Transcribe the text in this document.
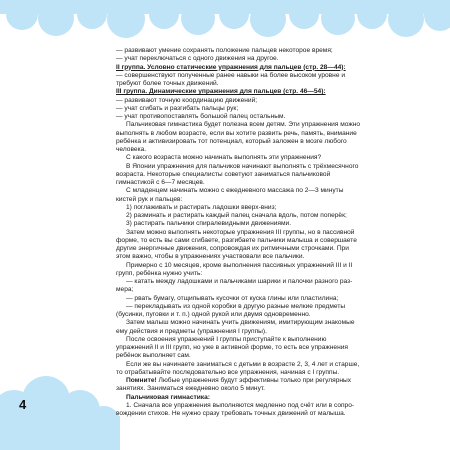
4

— развивают умение сохранять положение пальцев некоторое время;

— учат переключаться с одного движения на другое.

II группа. Условно статические упражнения для пальцев (стр. 28—44):

— совершенствуют полученные ранее навыки на более высоком уровне и требуют более точных движений.

III группа. Динамические упражнения для пальцев (стр. 46—54):

— развивают точную координацию движений;

— учат сгибать и разгибать пальцы рук;

— учат противопоставлять большой палец остальным.

Пальчиковая гимнастика будет полезна всем детям. Эти упражнения можно выполнять в любом возрасте, если вы хотите развить речь, память, внимание ребёнка и активизировать тот потенциал, который заложен в мозге любого человека.

С какого возраста можно начинать выполнять эти упражнения?

В Японии упражнения для пальчиков начинают выполнять с трёхмесячного возраста. Некоторые специалисты советуют заниматься пальчиковой гимнастикой с 6—7 месяцев.

С младенцем начинать можно с ежедневного массажа по 2—3 минуты кистей рук и пальцев:

1) поглаживать и растирать ладошки вверх-вниз;

2) разминать и растирать каждый палец сначала вдоль, потом поперёк;

3) растирать пальчики спиралевидными движениями.

Затем можно выполнять некоторые упражнения III группы, но в пассивной форме, то есть вы сами сгибаете, разгибаете пальчики малыша и совершаете другие энергичные движения, сопровождая их ритмичными строчками. При этом важно, чтобы в упражнениях участвовали все пальчики.

Примерно с 10 месяцев, кроме выполнения пассивных упражнений III и II групп, ребёнка нужно учить:

— катать между ладошками и пальчиками шарики и палочки разного размера;

— рвать бумагу, отщипывать кусочки от куска глины или пластилина;

— перекладывать из одной коробки в другую разные мелкие предметы (бусинки, пуговки и т. п.) одной рукой или двумя одновременно.

Затем малыш можно начинать учить движениям, имитирующим знакомые ему действия и предметы (упражнения I группы).

После освоения упражнений I группы приступайте к выполнению упражнений II и III групп, но уже в активной форме, то есть все упражнения ребёнок выполняет сам.

Если же вы начинаете заниматься с детьми в возрасте 2, 3, 4 лет и старше, то отрабатывайте последовательно все упражнения, начиная с I группы.

Помните! Любые упражнения будут эффективны только при регулярных занятиях. Заниматься ежедневно около 5 минут.

Пальчиковая гимнастика:

1. Сначала все упражнения выполняются медленно под счёт или в сопровождении стихов. Не нужно сразу требовать точных движений от малыша.
